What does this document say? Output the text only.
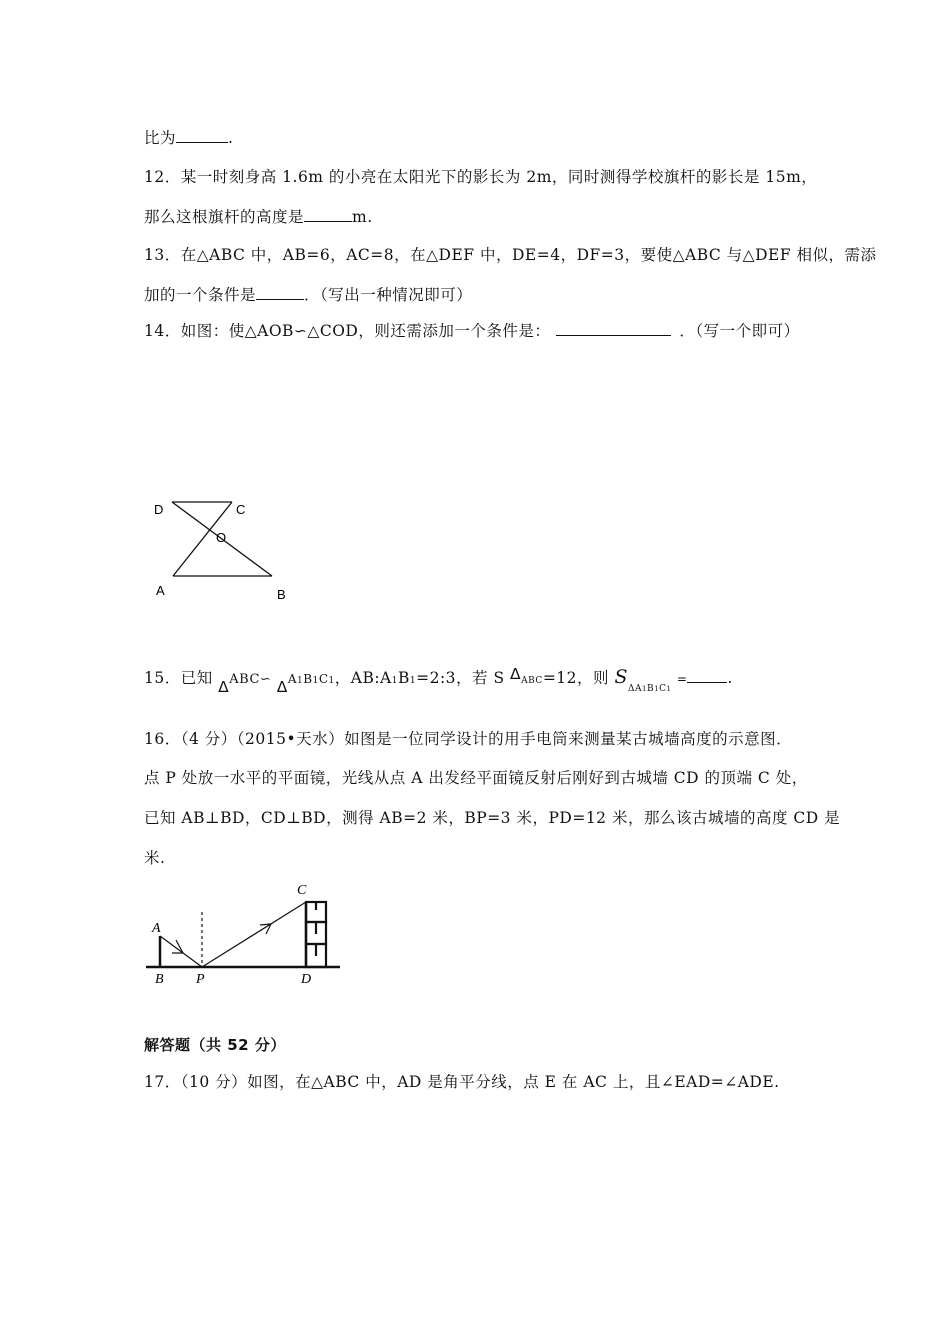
比为	.
12．某一时刻身高 1.6m 的小亮在太阳光下的影长为 2m，同时测得学校旗杆的影长是 15m，
那么这根旗杆的高度是	m.
13．在△ABC 中，AB=6，AC=8，在△DEF 中，DE=4，DF=3，要使△ABC 与△DEF 相似，需添
加的一个条件是	．（写出一种情况即可）
14．如图：使△AOB∽△COD，则还需添加一个条件是：	．（写一个即可）
D	C
O
A	B
15．已知 ΔABC∽ ΔA1B1C1，AB:A1B1=2:3，若 S ΔABC=12，则 $S_{\Delta A1B1C1}$ =	.
16．（4 分）（2015•天水）如图是一位同学设计的用手电筒来测量某古城墙高度的示意图．
点 P 处放一水平的平面镜，光线从点 A 出发经平面镜反射后刚好到古城墙 CD 的顶端 C 处，
已知 AB⊥BD，CD⊥BD，测得 AB=2 米，BP=3 米，PD=12 米，那么该古城墙的高度 CD 是
米.
A
B P
C
D
解答题（共 52 分）
17．（10 分）如图，在△ABC 中，AD 是角平分线，点 E 在 AC 上，且∠EAD=∠ADE.
